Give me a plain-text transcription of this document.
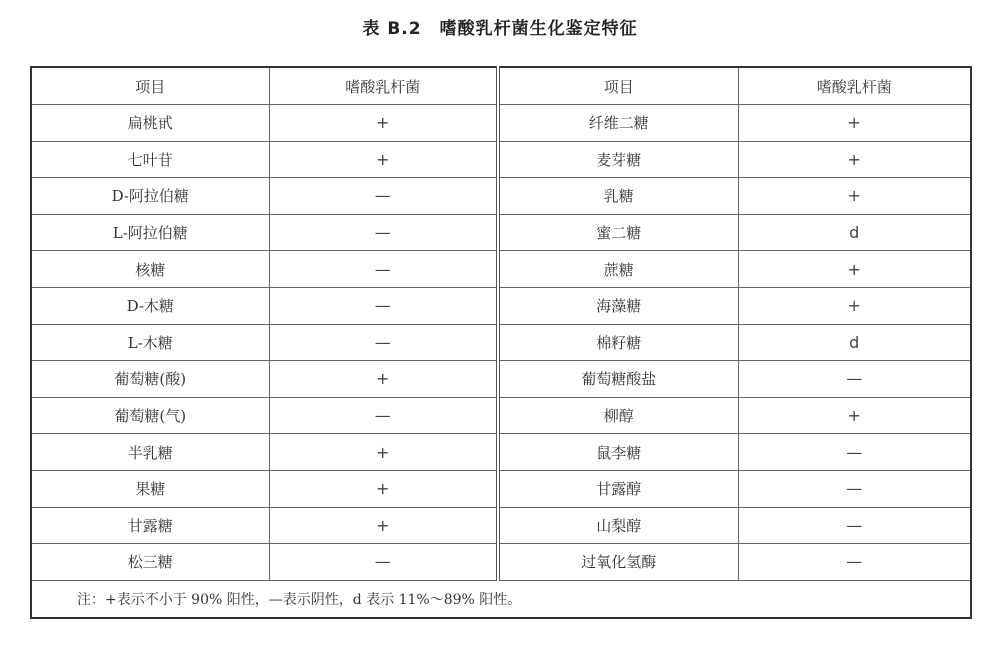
表 B.2 嗜酸乳杆菌生化鉴定特征
项目	嗜酸乳杆菌	项目	嗜酸乳杆菌
扁桃甙	+	纤维二糖	+
七叶苷	+	麦芽糖	+
D-阿拉伯糖	—	乳糖	+
L-阿拉伯糖	—	蜜二糖	d
核糖	—	蔗糖	+
D-木糖	—	海藻糖	+
L-木糖	—	棉籽糖	d
葡萄糖(酸)	+	葡萄糖酸盐	—
葡萄糖(气)	—	柳醇	+
半乳糖	+	鼠李糖	—
果糖	+	甘露醇	—
甘露糖	+	山梨醇	—
松三糖	—	过氧化氢酶	—
注：+表示不小于 90% 阳性，—表示阴性，d 表示 11%～89% 阳性。			
